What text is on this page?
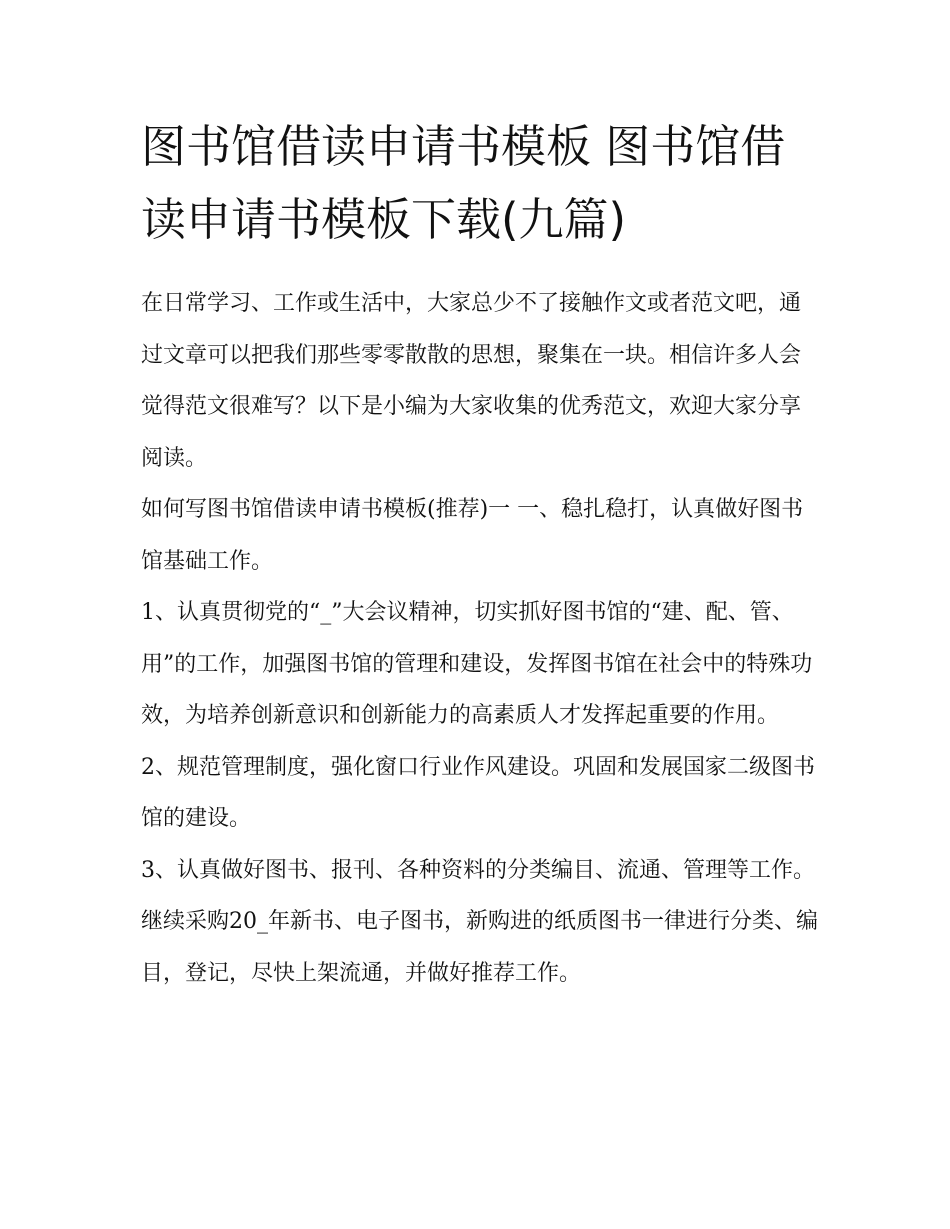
图书馆借读申请书模板 图书馆借读申请书模板下载(九篇)

在日常学习、工作或生活中，大家总少不了接触作文或者范文吧，通过文章可以把我们那些零零散散的思想，聚集在一块。相信许多人会觉得范文很难写？以下是小编为大家收集的优秀范文，欢迎大家分享阅读。

如何写图书馆借读申请书模板(推荐)一 一、稳扎稳打，认真做好图书馆基础工作。

1、认真贯彻党的“_”大会议精神，切实抓好图书馆的“建、配、管、用”的工作，加强图书馆的管理和建设，发挥图书馆在社会中的特殊功效，为培养创新意识和创新能力的高素质人才发挥起重要的作用。

2、规范管理制度，强化窗口行业作风建设。巩固和发展国家二级图书馆的建设。

3、认真做好图书、报刊、各种资料的分类编目、流通、管理等工作。继续采购20_年新书、电子图书，新购进的纸质图书一律进行分类、编目，登记，尽快上架流通，并做好推荐工作。
